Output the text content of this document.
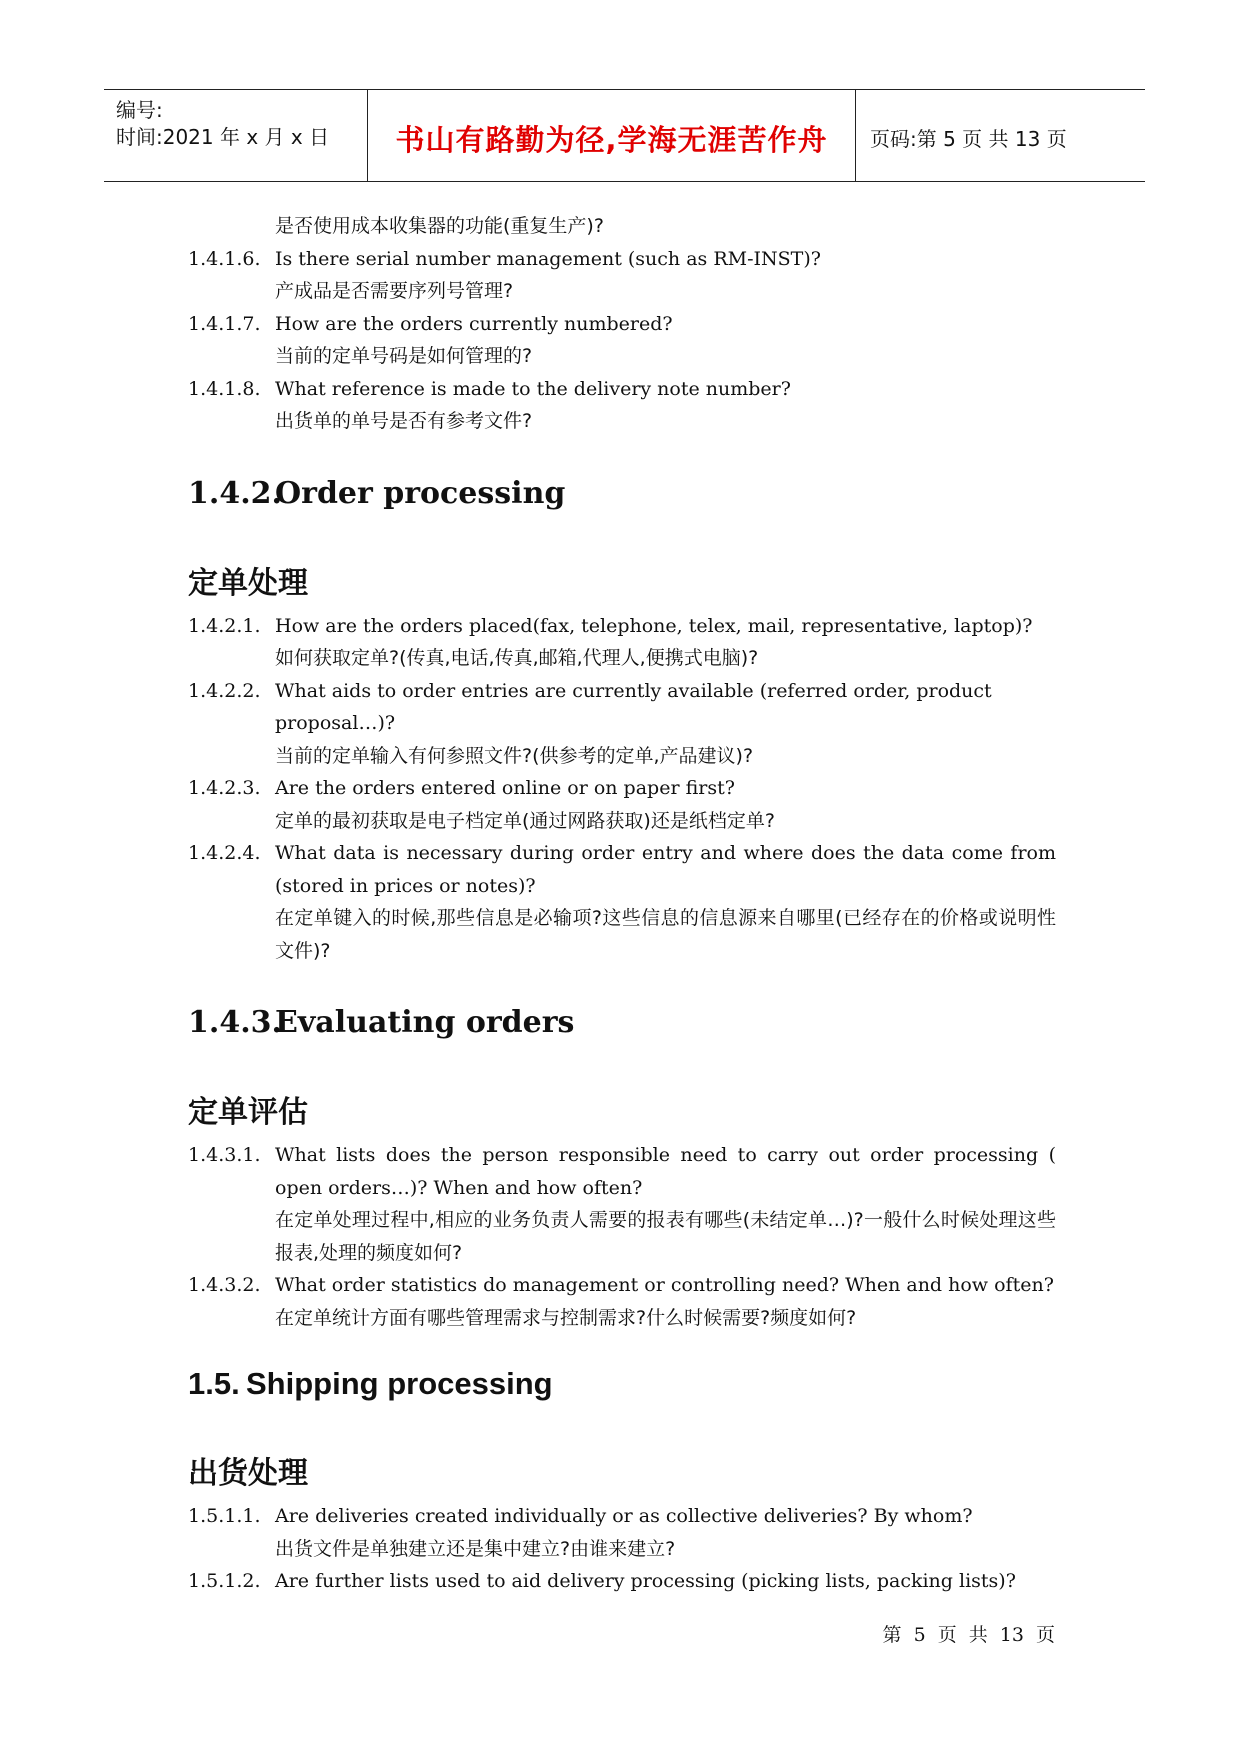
编号:
时间:2021 年 x 月 x 日	书山有路勤为径,学海无涯苦作舟	页码:第 5 页 共 13 页
是否使用成本收集器的功能(重复生产)?
1.4.1.6. Is there serial number management (such as RM-INST)?
产成品是否需要序列号管理?
1.4.1.7. How are the orders currently numbered?
当前的定单号码是如何管理的?
1.4.1.8. What reference is made to the delivery note number?
出货单的单号是否有参考文件?
1.4.2.Order processing
定单处理
1.4.2.1. How are the orders placed(fax, telephone, telex, mail, representative, laptop)?
如何获取定单?(传真,电话,传真,邮箱,代理人,便携式电脑)?
1.4.2.2. What aids to order entries are currently available (referred order, product proposal…)?
当前的定单输入有何参照文件?(供参考的定单,产品建议)?
1.4.2.3. Are the orders entered online or on paper first?
定单的最初获取是电子档定单(通过网路获取)还是纸档定单?
1.4.2.4. What data is necessary during order entry and where does the data come from (stored in prices or notes)?
在定单键入的时候,那些信息是必输项?这些信息的信息源来自哪里(已经存在的价格或说明性文件)?
1.4.3.Evaluating orders
定单评估
1.4.3.1. What lists does the person responsible need to carry out order processing ( open orders…)? When and how often?
在定单处理过程中,相应的业务负责人需要的报表有哪些(未结定单…)?一般什么时候处理这些报表,处理的频度如何?
1.4.3.2. What order statistics do management or controlling need? When and how often?
在定单统计方面有哪些管理需求与控制需求?什么时候需要?频度如何?
1.5. Shipping processing
出货处理
1.5.1.1. Are deliveries created individually or as collective deliveries? By whom?
出货文件是单独建立还是集中建立?由谁来建立?
1.5.1.2. Are further lists used to aid delivery processing (picking lists, packing lists)?
第 5 页 共 13 页
